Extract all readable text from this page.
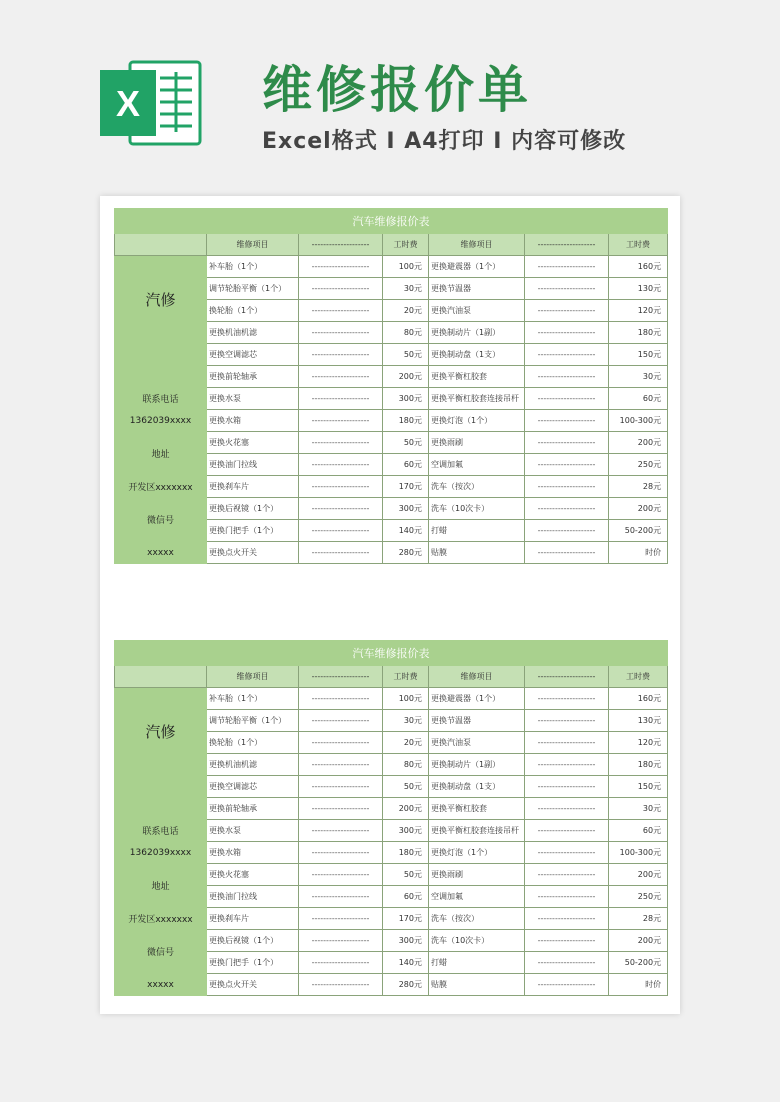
X 维修报价单
Excel格式 I A4打印 I 内容可修改
汽车维修报价表						
	维修项目	--------------------	工时费	维修项目	--------------------	工时费
汽修	补车胎（1个）	--------------------	100元	更换避震器（1个）	--------------------	160元
	调节轮胎平衡（1个）	--------------------	30元	更换节温器	--------------------	130元
	换轮胎（1个）	--------------------	20元	更换汽油泵	--------------------	120元
	更换机油机滤	--------------------	80元	更换制动片（1副）	--------------------	180元
	更换空调滤芯	--------------------	50元	更换制动盘（1支）	--------------------	150元
	更换前轮轴承	--------------------	200元	更换平衡杠胶套	--------------------	30元
联系电话	更换水泵	--------------------	300元	更换平衡杠胶套连接吊杆	--------------------	60元
1362039xxxx	更换水箱	--------------------	180元	更换灯泡（1个）	--------------------	100-300元
地址	更换火花塞	--------------------	50元	更换雨刷	--------------------	200元
	更换油门拉线	--------------------	60元	空调加氟	--------------------	250元
开发区xxxxxxx	更换刹车片	--------------------	170元	洗车（按次）	--------------------	28元
微信号	更换后视镜（1个）	--------------------	300元	洗车（10次卡）	--------------------	200元
	更换门把手（1个）	--------------------	140元	打蜡	--------------------	50-200元
xxxxx	更换点火开关	--------------------	280元	贴膜	--------------------	时价
汽车维修报价表						
	维修项目	--------------------	工时费	维修项目	--------------------	工时费
汽修	补车胎（1个）	--------------------	100元	更换避震器（1个）	--------------------	160元
	调节轮胎平衡（1个）	--------------------	30元	更换节温器	--------------------	130元
	换轮胎（1个）	--------------------	20元	更换汽油泵	--------------------	120元
	更换机油机滤	--------------------	80元	更换制动片（1副）	--------------------	180元
	更换空调滤芯	--------------------	50元	更换制动盘（1支）	--------------------	150元
	更换前轮轴承	--------------------	200元	更换平衡杠胶套	--------------------	30元
联系电话	更换水泵	--------------------	300元	更换平衡杠胶套连接吊杆	--------------------	60元
1362039xxxx	更换水箱	--------------------	180元	更换灯泡（1个）	--------------------	100-300元
地址	更换火花塞	--------------------	50元	更换雨刷	--------------------	200元
	更换油门拉线	--------------------	60元	空调加氟	--------------------	250元
开发区xxxxxxx	更换刹车片	--------------------	170元	洗车（按次）	--------------------	28元
微信号	更换后视镜（1个）	--------------------	300元	洗车（10次卡）	--------------------	200元
	更换门把手（1个）	--------------------	140元	打蜡	--------------------	50-200元
xxxxx	更换点火开关	--------------------	280元	贴膜	--------------------	时价
